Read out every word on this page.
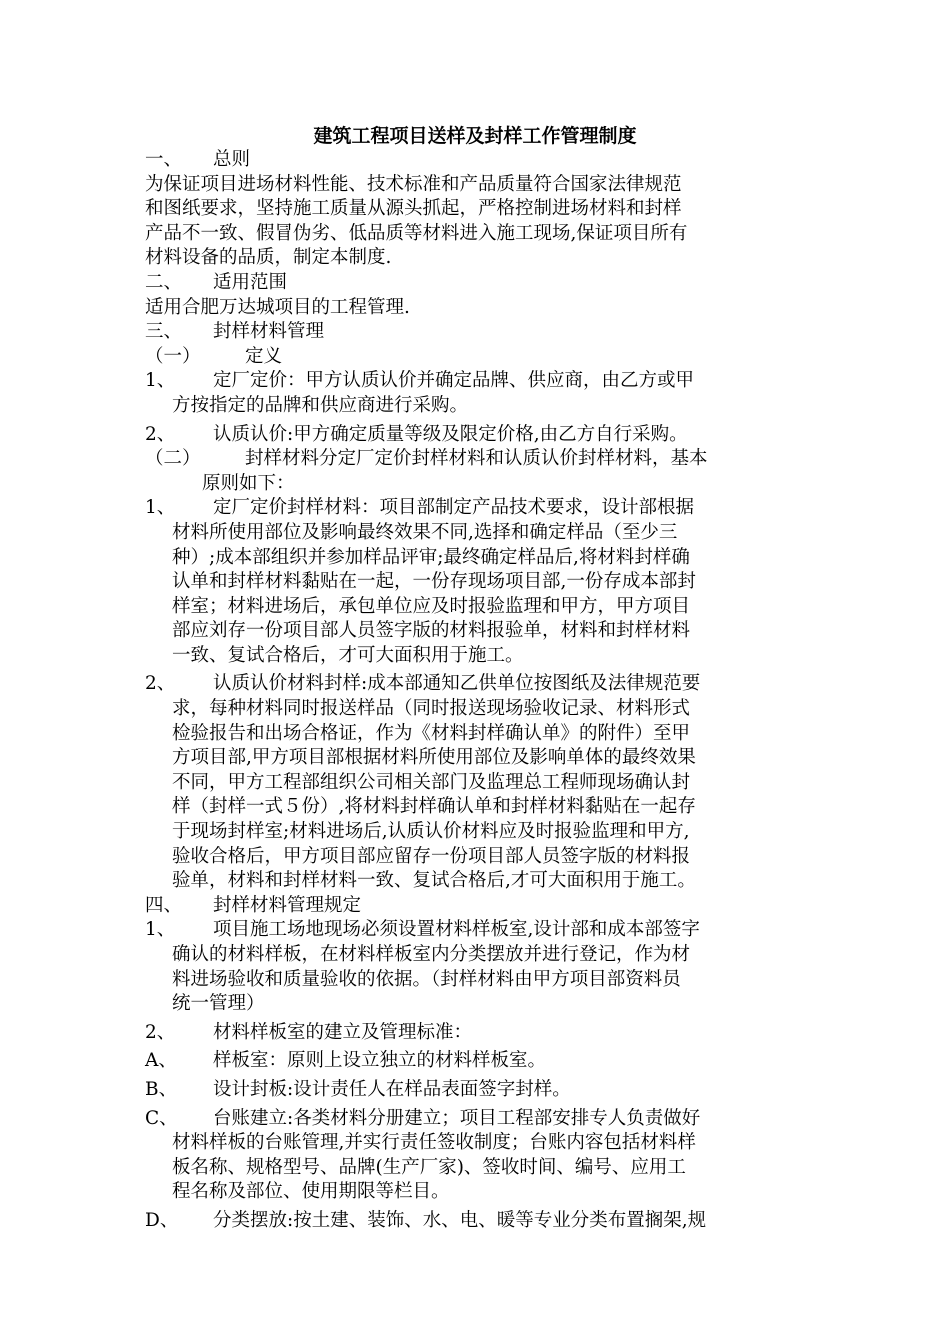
建筑工程项目送样及封样工作管理制度
一、	总则
为保证项目进场材料性能、技术标准和产品质量符合国家法律规范
和图纸要求，坚持施工质量从源头抓起，严格控制进场材料和封样
产品不一致、假冒伪劣、低品质等材料进入施工现场,保证项目所有
材料设备的品质，制定本制度.
二、	适用范围
适用合肥万达城项目的工程管理.
三、	封样材料管理
（一）	定义
1、	定厂定价：甲方认质认价并确定品牌、供应商，由乙方或甲
方按指定的品牌和供应商进行采购。
2、	认质认价:甲方确定质量等级及限定价格,由乙方自行采购。
（二）	封样材料分定厂定价封样材料和认质认价封样材料，基本
原则如下：
1、	定厂定价封样材料：项目部制定产品技术要求，设计部根据
材料所使用部位及影响最终效果不同,选择和确定样品（至少三
种）;成本部组织并参加样品评审;最终确定样品后,将材料封样确
认单和封样材料黏贴在一起，一份存现场项目部,一份存成本部封
样室；材料进场后，承包单位应及时报验监理和甲方，甲方项目
部应刘存一份项目部人员签字版的材料报验单，材料和封样材料
一致、复试合格后，才可大面积用于施工。
2、	认质认价材料封样:成本部通知乙供单位按图纸及法律规范要
求，每种材料同时报送样品（同时报送现场验收记录、材料形式
检验报告和出场合格证，作为《材料封样确认单》的附件）至甲
方项目部,甲方项目部根据材料所使用部位及影响单体的最终效果
不同，甲方工程部组织公司相关部门及监理总工程师现场确认封
样（封样一式５份）,将材料封样确认单和封样材料黏贴在一起存
于现场封样室;材料进场后,认质认价材料应及时报验监理和甲方,
验收合格后，甲方项目部应留存一份项目部人员签字版的材料报
验单，材料和封样材料一致、复试合格后,才可大面积用于施工。
四、	封样材料管理规定
1、	项目施工场地现场必须设置材料样板室,设计部和成本部签字
确认的材料样板，在材料样板室内分类摆放并进行登记，作为材
料进场验收和质量验收的依据。（封样材料由甲方项目部资料员
统一管理）
2、	材料样板室的建立及管理标准：
A、	样板室：原则上设立独立的材料样板室。
B、	设计封板:设计责任人在样品表面签字封样。
C、	台账建立:各类材料分册建立；项目工程部安排专人负责做好
材料样板的台账管理,并实行责任签收制度；台账内容包括材料样
板名称、规格型号、品牌(生产厂家)、签收时间、编号、应用工
程名称及部位、使用期限等栏目。
D、	分类摆放:按土建、装饰、水、电、暖等专业分类布置搁架,规
